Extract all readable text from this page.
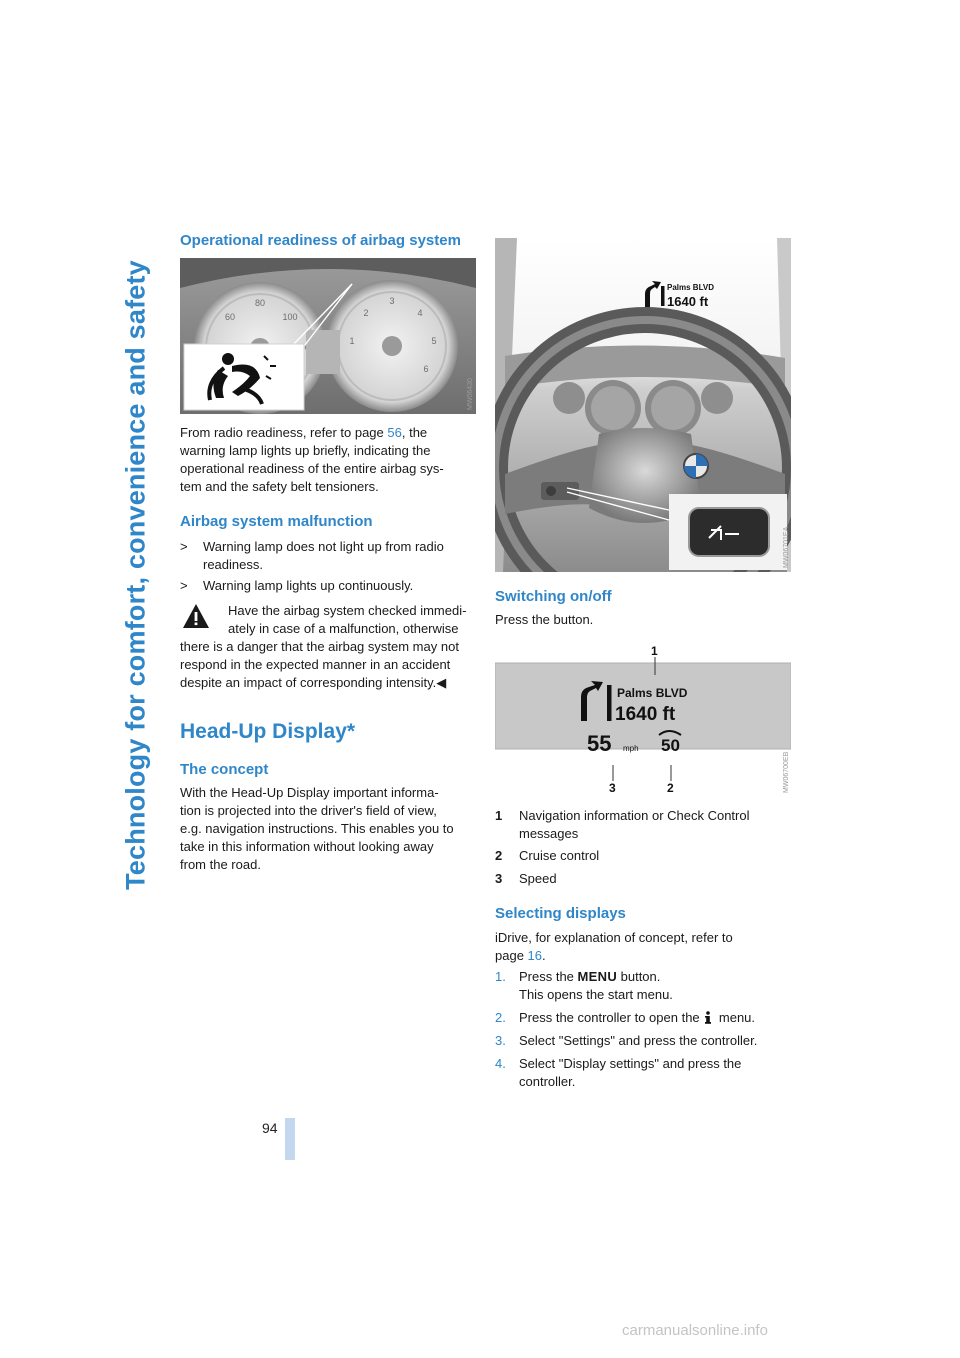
Technology for comfort, convenience and safety
Operational readiness of airbag system
3
4
5
6
2
1
80
60	100
MW06430

From radio readiness, refer to page 56, the

warning lamp lights up briefly, indicating the

operational readiness of the entire airbag sys-

tem and the safety belt tensioners.

Airbag system malfunction
> Warning lamp does not light up from radio
readiness.
> Warning lamp lights up continuously.

Have the airbag system checked immedi-

ately in case of a malfunction, otherwise

there is a danger that the airbag system may not

respond in the expected manner in an accident

despite an impact of corresponding intensity.◀

Head-Up Display*
The concept

With the Head-Up Display important informa-

tion is projected into the driver's field of view,

e.g. navigation instructions. This enables you to

take in this information without looking away

from the road.

Palms BLVD
1640 ft
55 mph 50
MW06701EA
Switching on/off

Press the button.

Palms BLVD
1640 ft
55 mph 50
1
2
3	MW06700EB
1 Navigation information or Check Control
messages
2 Cruise control
3 Speed
Selecting displays

iDrive, for explanation of concept, refer to

page 16.

1. Press the MENU button.
This opens the start menu.
2. Press the controller to open the  menu.
3. Select "Settings" and press the controller.
4. Select "Display settings" and press the
controller.
94
carmanualsonline.info
